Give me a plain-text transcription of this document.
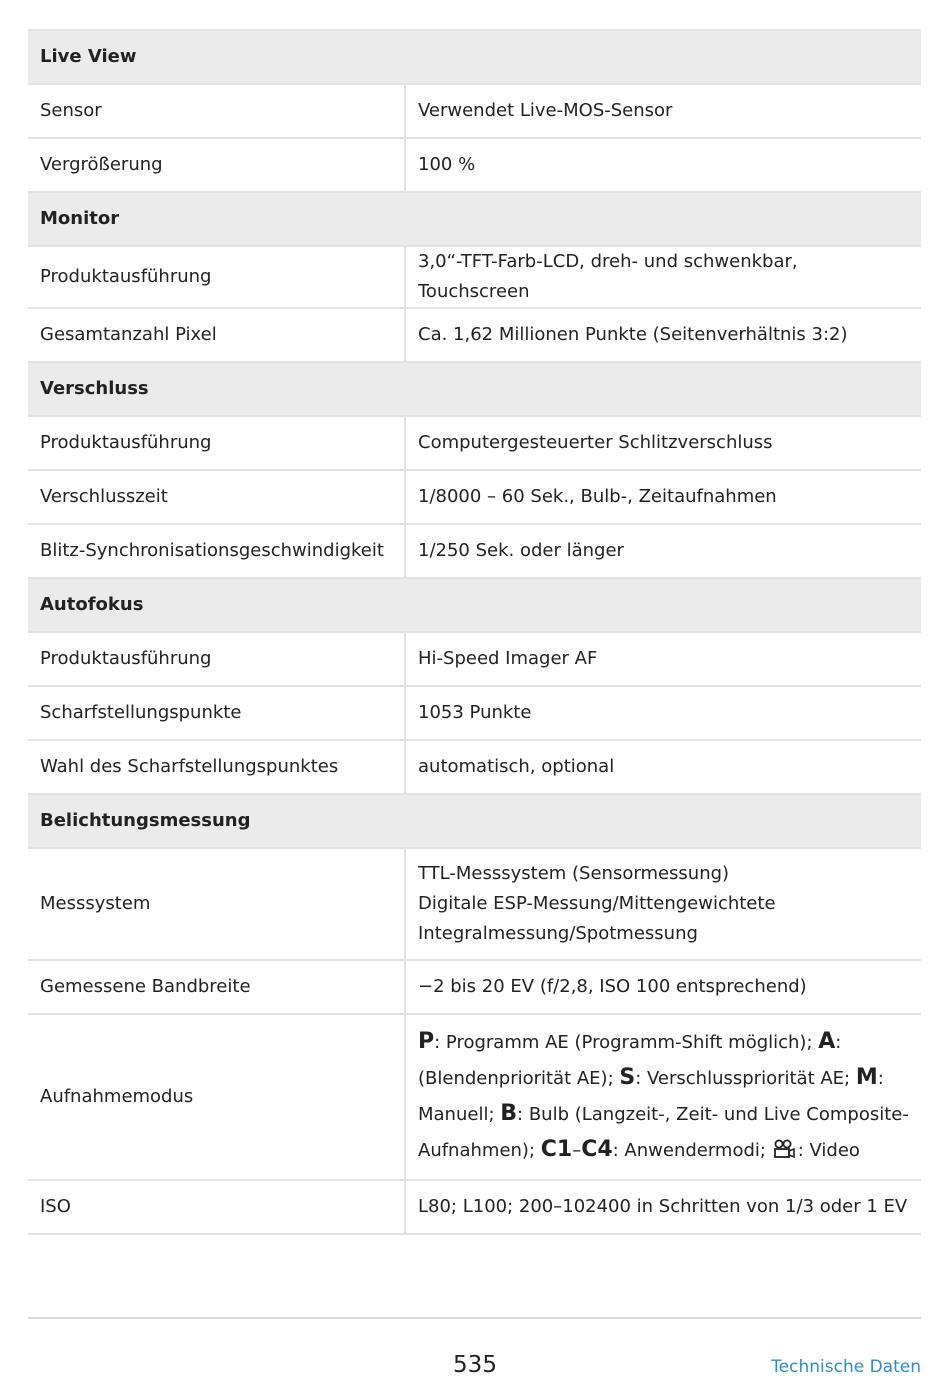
Live View	
Sensor	Verwendet Live-MOS-Sensor
Vergrößerung	100 %
Monitor	
Produktausführung	3,0“-TFT-Farb-LCD, dreh- und schwenkbar, Touchscreen
Gesamtanzahl Pixel	Ca. 1,62 Millionen Punkte (Seitenverhältnis 3:2)
Verschluss	
Produktausführung	Computergesteuerter Schlitzverschluss
Verschlusszeit	1/8000 – 60 Sek., Bulb-, Zeitaufnahmen
Blitz-Synchronisationsgeschwindigkeit	1/250 Sek. oder länger
Autofokus	
Produktausführung	Hi-Speed Imager AF
Scharfstellungspunkte	1053 Punkte
Wahl des Scharfstellungspunktes	automatisch, optional
Belichtungsmessung	
Messsystem	TTL-Messsystem (Sensormessung)
Digitale ESP-Messung/Mittengewichtete
Integralmessung/Spotmessung

Gemessene Bandbreite	−2 bis 20 EV (f/2,8, ISO 100 entsprechend)
Aufnahmemodus	P: Programm AE (Programm-Shift möglich); A: (Blendenpriorität AE); S: Verschlusspriorität AE; M: Manuell; B: Bulb (Langzeit-, Zeit- und Live Composite-Aufnahmen); C1–C4: Anwendermodi; : Video

ISO	L80; L100; 200–102400 in Schritten von 1/3 oder 1 EV
535	Technische Daten
